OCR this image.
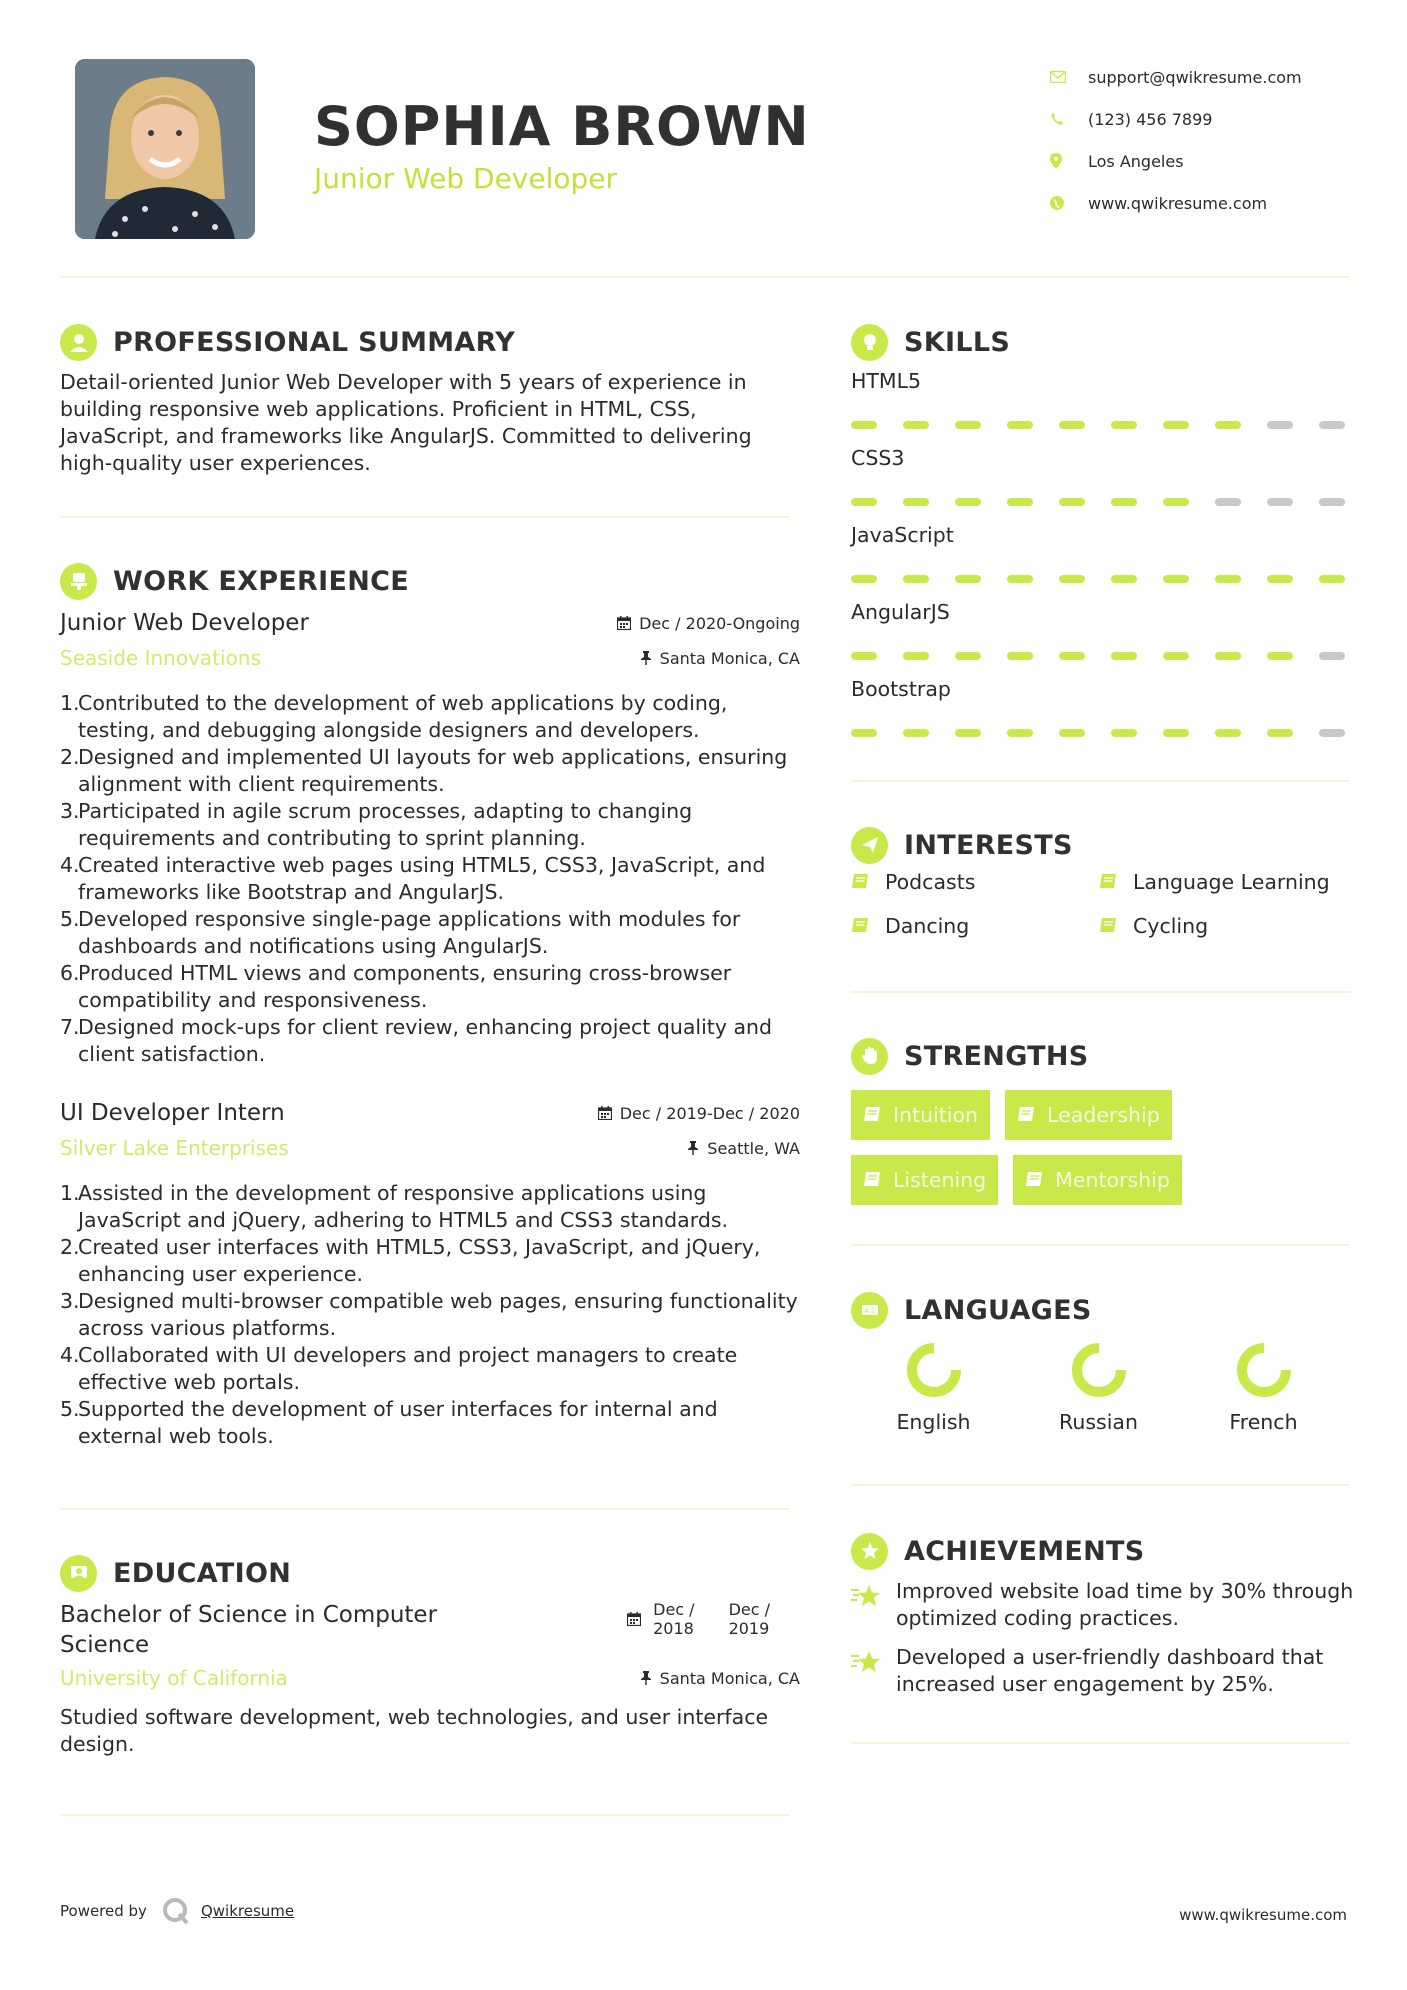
SOPHIA BROWN
Junior Web Developer
support@qwikresume.com
(123) 456 7899
Los Angeles
www.qwikresume.com
PROFESSIONAL SUMMARY
Detail-oriented Junior Web Developer with 5 years of experience in building responsive web applications. Proficient in HTML, CSS, JavaScript, and frameworks like AngularJS. Committed to delivering high-quality user experiences.
WORK EXPERIENCE
Junior Web Developer	Dec / 2020-Ongoing
Seaside Innovations	Santa Monica, CA
1.
Contributed to the development of web applications by coding, testing, and debugging alongside designers and developers.
2.
Designed and implemented UI layouts for web applications, ensuring alignment with client requirements.
3.
Participated in agile scrum processes, adapting to changing requirements and contributing to sprint planning.
4.
Created interactive web pages using HTML5, CSS3, JavaScript, and frameworks like Bootstrap and AngularJS.
5.
Developed responsive single-page applications with modules for dashboards and notifications using AngularJS.
6.
Produced HTML views and components, ensuring cross-browser compatibility and responsiveness.
7.
Designed mock-ups for client review, enhancing project quality and client satisfaction.
UI Developer Intern	Dec / 2019-Dec / 2020
Silver Lake Enterprises	Seattle, WA
1.
Assisted in the development of responsive applications using JavaScript and jQuery, adhering to HTML5 and CSS3 standards.
2.
Created user interfaces with HTML5, CSS3, JavaScript, and jQuery, enhancing user experience.
3.
Designed multi-browser compatible web pages, ensuring functionality across various platforms.
4.
Collaborated with UI developers and project managers to create effective web portals.
5.
Supported the development of user interfaces for internal and external web tools.
EDUCATION
Bachelor of Science in Computer Science
Dec /
2018
Dec /
2019
University of California	Santa Monica, CA
Studied software development, web technologies, and user interface design.
SKILLS
HTML5
CSS3
JavaScript
AngularJS
Bootstrap
INTERESTS
Podcasts	Language Learning
Dancing	Cycling
STRENGTHS
Intuition	Leadership
Listening	Mentorship
A文 LANGUAGES
English	Russian	French
ACHIEVEMENTS
Improved website load time by 30% through optimized coding practices.
Developed a user-friendly dashboard that increased user engagement by 25%.
Powered by	Qwikresume	www.qwikresume.com
